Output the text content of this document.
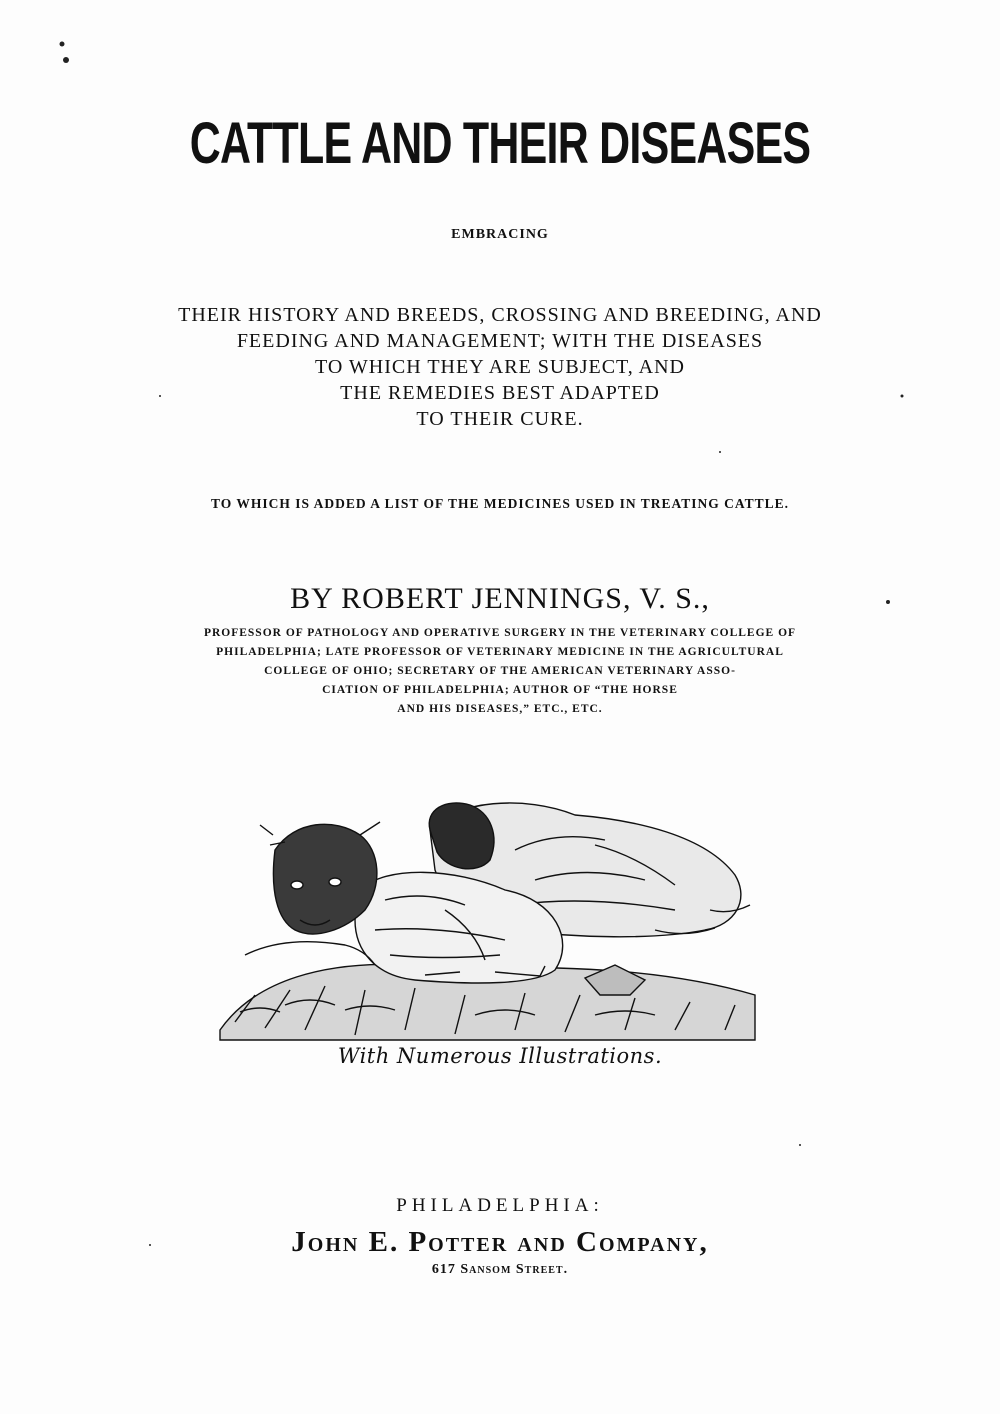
CATTLE AND THEIR DISEASES
EMBRACING
THEIR HISTORY AND BREEDS, CROSSING AND BREEDING, AND
FEEDING AND MANAGEMENT; WITH THE DISEASES
TO WHICH THEY ARE SUBJECT, AND
THE REMEDIES BEST ADAPTED
TO THEIR CURE.
TO WHICH IS ADDED A LIST OF THE MEDICINES USED IN TREATING CATTLE.
BY ROBERT JENNINGS, V. S.,
PROFESSOR OF PATHOLOGY AND OPERATIVE SURGERY IN THE VETERINARY COLLEGE OF
PHILADELPHIA; LATE PROFESSOR OF VETERINARY MEDICINE IN THE AGRICULTURAL
COLLEGE OF OHIO; SECRETARY OF THE AMERICAN VETERINARY ASSO-
CIATION OF PHILADELPHIA; AUTHOR OF “THE HORSE
AND HIS DISEASES,” ETC., ETC.
With Numerous Illustrations.
PHILADELPHIA:
John E. Potter and Company,
617 Sansom Street.
